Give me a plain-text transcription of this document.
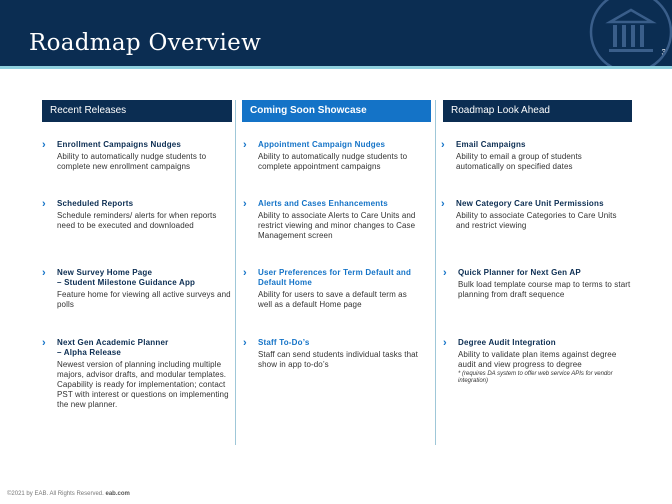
Roadmap Overview	3
Recent Releases	Coming Soon Showcase	Roadmap Look Ahead
› Enrollment Campaigns Nudges

Ability to automatically nudge students to complete new enrollment campaigns

› Scheduled Reports

Schedule reminders/ alerts for when reports need to be executed and downloaded

› New Survey Home Page
– Student Milestone Guidance App

Feature home for viewing all active surveys and polls

› Next Gen Academic Planner
– Alpha Release

Newest version of planning including multiple majors, advisor drafts, and modular templates. Capability is ready for implementation; contact PST with interest or questions on implementing the new planner.

› Appointment Campaign Nudges

Ability to automatically nudge students to complete appointment campaigns

› Alerts and Cases Enhancements

Ability to associate Alerts to Care Units and restrict viewing and minor changes to Case Management screen

› User Preferences for Term Default and Default Home

Ability for users to save a default term as well as a default Home page

› Staff To-Do’s

Staff can send students individual tasks that show in app to-do’s

› Email Campaigns

Ability to email a group of students automatically on specified dates

› New Category Care Unit Permissions

Ability to associate Categories to Care Units and restrict viewing

› Quick Planner for Next Gen AP

Bulk load template course map to terms to start planning from draft sequence

› Degree Audit Integration

Ability to validate plan items against degree audit and view progress to degree

* (requires DA system to offer web service APIs for vendor integration)

©2021 by EAB. All Rights Reserved. eab.com
